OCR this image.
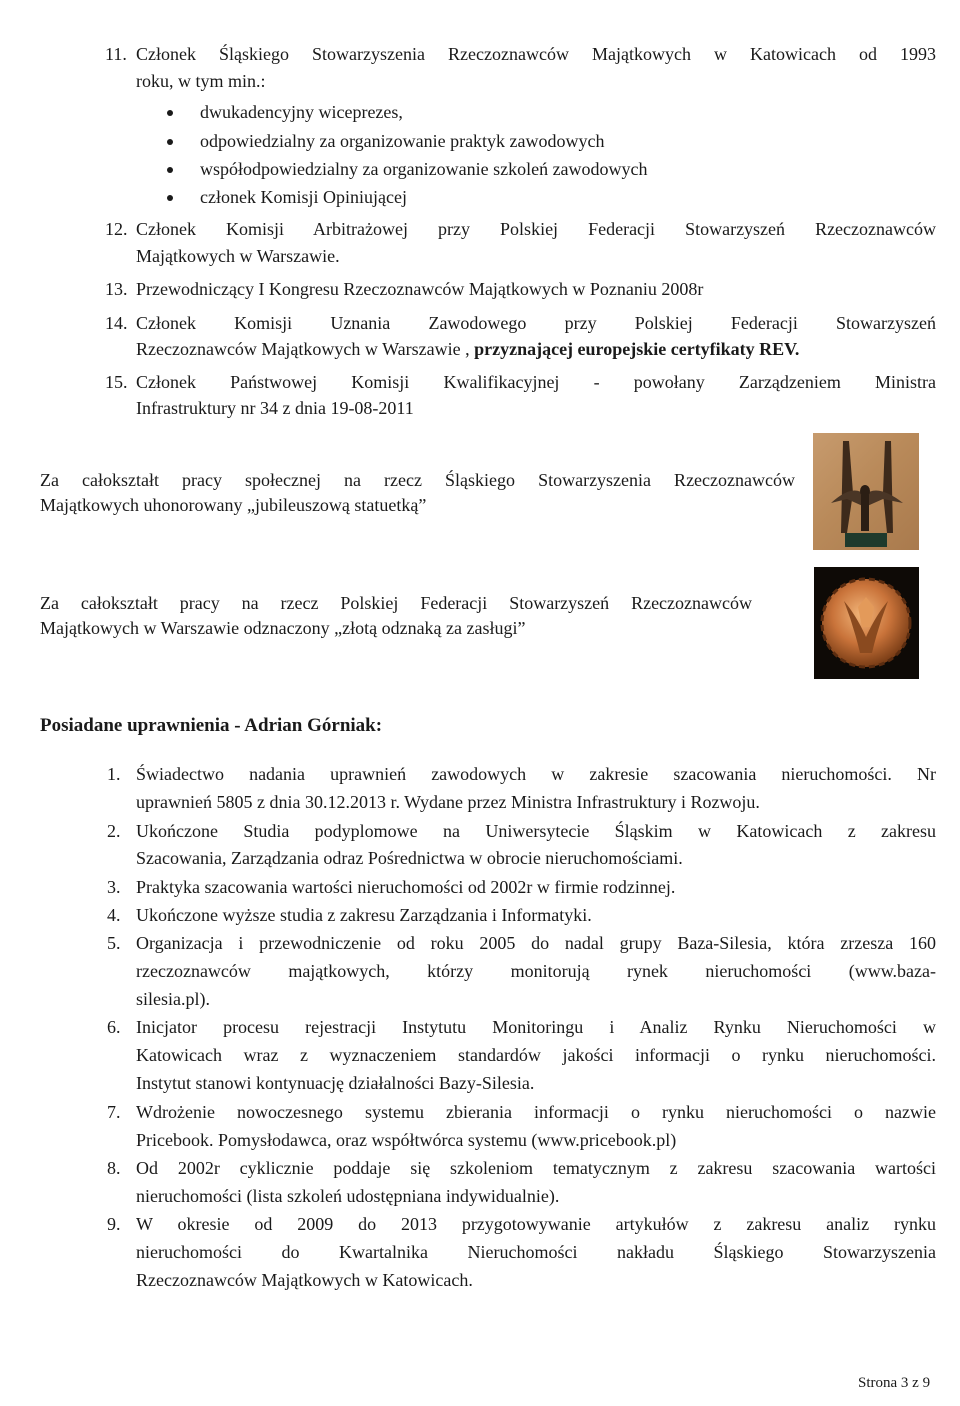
11. Członek Śląskiego Stowarzyszenia Rzeczoznawców Majątkowych w Katowicach od 1993
roku, w tym min.:
dwukadencyjny wiceprezes,
odpowiedzialny za organizowanie praktyk zawodowych
współodpowiedzialny za organizowanie szkoleń zawodowych
członek Komisji Opiniującej
12. Członek Komisji Arbitrażowej przy Polskiej Federacji Stowarzyszeń Rzeczoznawców
Majątkowych w Warszawie.
13. Przewodniczący I Kongresu Rzeczoznawców Majątkowych w Poznaniu 2008r
14. Członek Komisji Uznania Zawodowego przy Polskiej Federacji Stowarzyszeń
Rzeczoznawców Majątkowych w Warszawie , przyznającej europejskie certyfikaty REV.
15. Członek Państwowej Komisji Kwalifikacyjnej - powołany Zarządzeniem Ministra
Infrastruktury nr 34 z dnia 19-08-2011
Za całokształt pracy społecznej na rzecz Śląskiego Stowarzyszenia Rzeczoznawców
Majątkowych uhonorowany „jubileuszową statuetką”
Za całokształt pracy na rzecz Polskiej Federacji Stowarzyszeń Rzeczoznawców
Majątkowych w Warszawie odznaczony „złotą odznaką za zasługi”
Posiadane uprawnienia - Adrian Górniak:
1. Świadectwo nadania uprawnień zawodowych w zakresie szacowania nieruchomości. Nr
uprawnień 5805 z dnia 30.12.2013 r. Wydane przez Ministra Infrastruktury i Rozwoju.
2. Ukończone Studia podyplomowe na Uniwersytecie Śląskim w Katowicach z zakresu
Szacowania, Zarządzania odraz Pośrednictwa w obrocie nieruchomościami.
3. Praktyka szacowania wartości nieruchomości od 2002r w firmie rodzinnej.
4. Ukończone wyższe studia z zakresu Zarządzania i Informatyki.
5. Organizacja i przewodniczenie od roku 2005 do nadal grupy Baza-Silesia, która zrzesza 160
rzeczoznawców majątkowych, którzy monitorują rynek nieruchomości (www.baza-
silesia.pl).
6. Inicjator procesu rejestracji Instytutu Monitoringu i Analiz Rynku Nieruchomości w
Katowicach wraz z wyznaczeniem standardów jakości informacji o rynku nieruchomości.
Instytut stanowi kontynuację działalności Bazy-Silesia.
7. Wdrożenie nowoczesnego systemu zbierania informacji o rynku nieruchomości o nazwie
Pricebook. Pomysłodawca, oraz współtwórca systemu (www.pricebook.pl)
8. Od 2002r cyklicznie poddaje się szkoleniom tematycznym z zakresu szacowania wartości
nieruchomości (lista szkoleń udostępniana indywidualnie).
9. W okresie od 2009 do 2013 przygotowywanie artykułów z zakresu analiz rynku
nieruchomości do Kwartalnika Nieruchomości nakładu Śląskiego Stowarzyszenia
Rzeczoznawców Majątkowych w Katowicach.
Strona 3 z 9
